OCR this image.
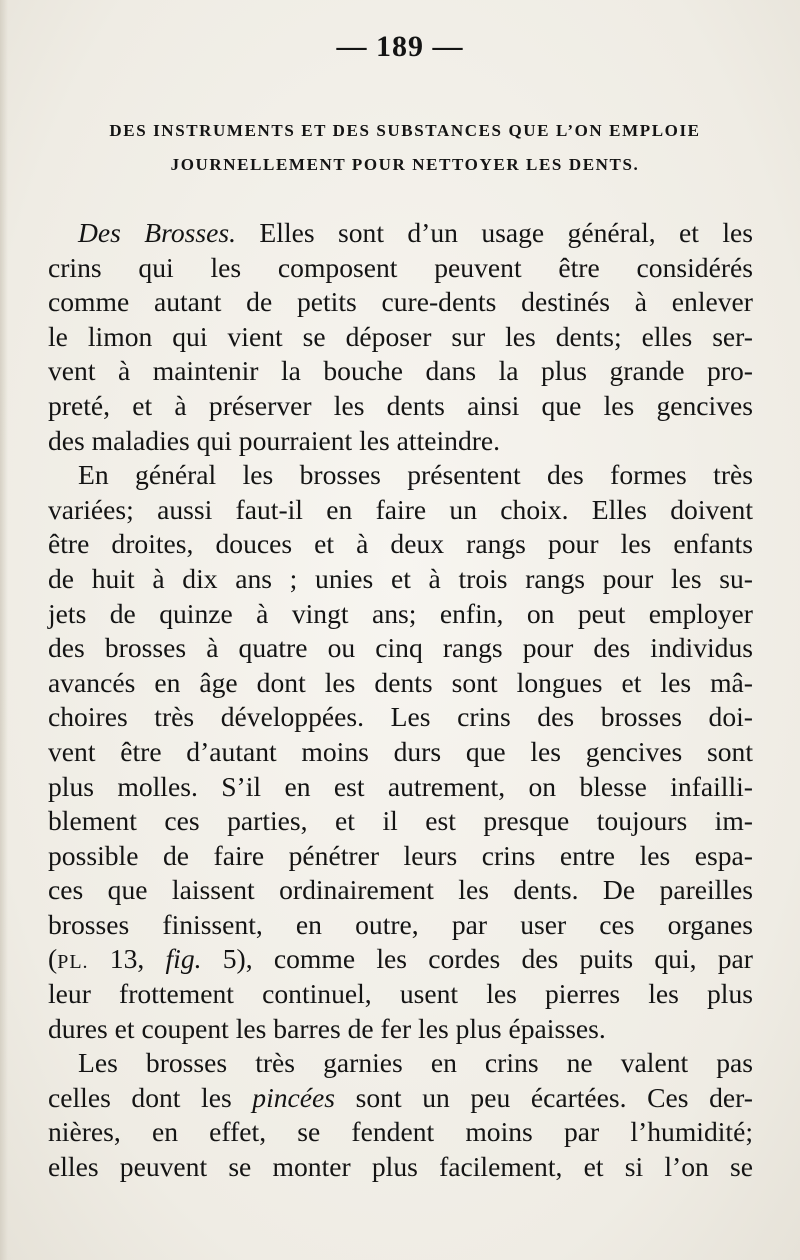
— 189 —
DES INSTRUMENTS ET DES SUBSTANCES QUE L’ON EMPLOIE
JOURNELLEMENT POUR NETTOYER LES DENTS.
Des Brosses. Elles sont d’un usage général, et les
crins qui les composent peuvent être considérés
comme autant de petits cure-dents destinés à enlever
le limon qui vient se déposer sur les dents; elles ser-
vent à maintenir la bouche dans la plus grande pro-
preté, et à préserver les dents ainsi que les gencives
des maladies qui pourraient les atteindre.
En général les brosses présentent des formes très
variées; aussi faut-il en faire un choix. Elles doivent
être droites, douces et à deux rangs pour les enfants
de huit à dix ans ; unies et à trois rangs pour les su-
jets de quinze à vingt ans; enfin, on peut employer
des brosses à quatre ou cinq rangs pour des individus
avancés en âge dont les dents sont longues et les mâ-
choires très développées. Les crins des brosses doi-
vent être d’autant moins durs que les gencives sont
plus molles. S’il en est autrement, on blesse infailli-
blement ces parties, et il est presque toujours im-
possible de faire pénétrer leurs crins entre les espa-
ces que laissent ordinairement les dents. De pareilles
brosses finissent, en outre, par user ces organes
(PL. 13, fig. 5), comme les cordes des puits qui, par
leur frottement continuel, usent les pierres les plus
dures et coupent les barres de fer les plus épaisses.
Les brosses très garnies en crins ne valent pas
celles dont les pincées sont un peu écartées. Ces der-
nières, en effet, se fendent moins par l’humidité;
elles peuvent se monter plus facilement, et si l’on se
